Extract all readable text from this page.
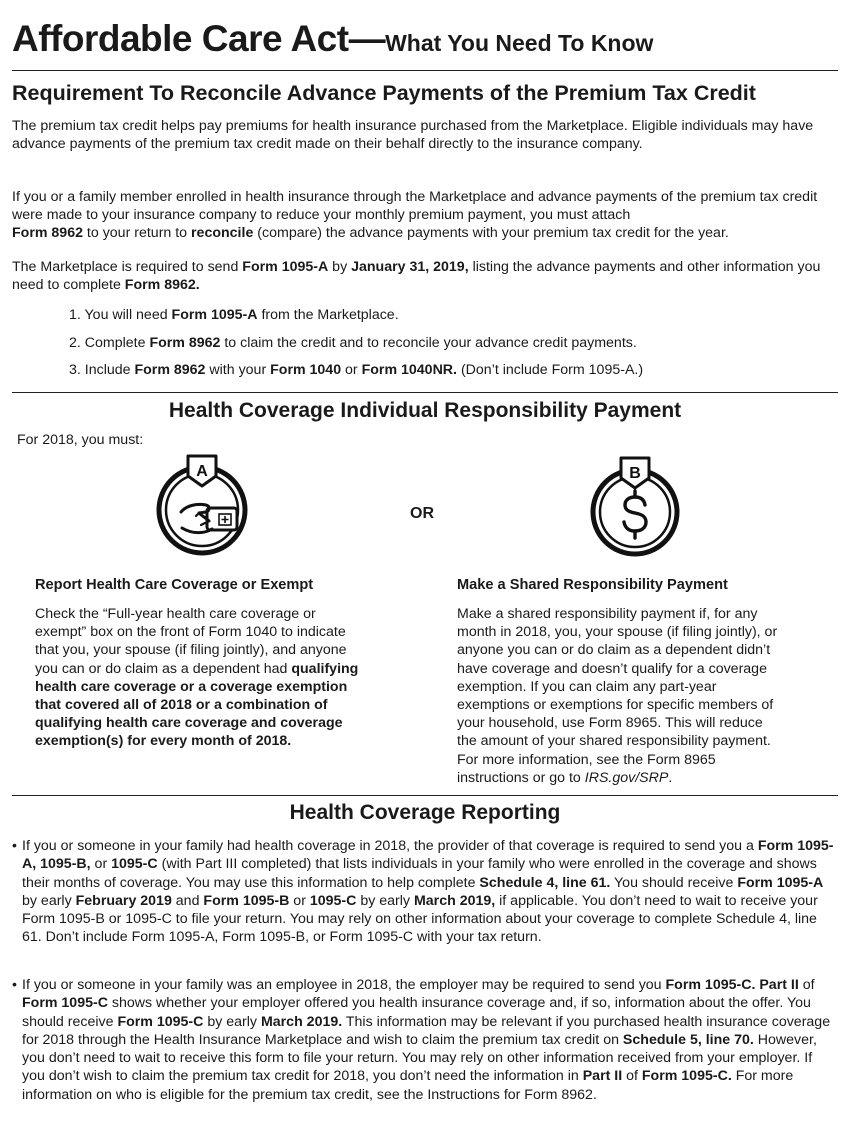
Affordable Care Act—What You Need To Know
Requirement To Reconcile Advance Payments of the Premium Tax Credit

The premium tax credit helps pay premiums for health insurance purchased from the Marketplace. Eligible individuals may have advance payments of the premium tax credit made on their behalf directly to the insurance company.

If you or a family member enrolled in health insurance through the Marketplace and advance payments of the premium tax credit were made to your insurance company to reduce your monthly premium payment, you must attach
Form 8962 to your return to reconcile (compare) the advance payments with your premium tax credit for the year.

The Marketplace is required to send Form 1095-A by January 31, 2019, listing the advance payments and other information you need to complete Form 8962.

1. You will need Form 1095-A from the Marketplace.
2. Complete Form 8962 to claim the credit and to reconcile your advance credit payments.
3. Include Form 8962 with your Form 1040 or Form 1040NR. (Don’t include Form 1095-A.)
Health Coverage Individual Responsibility Payment

For 2018, you must:

A
OR
B
Report Health Care Coverage or Exempt
Check the “Full-year health care coverage or
exempt” box on the front of Form 1040 to indicate
that you, your spouse (if filing jointly), and anyone
you can or do claim as a dependent had qualifying
health care coverage or a coverage exemption
that covered all of 2018 or a combination of
qualifying health care coverage and coverage
exemption(s) for every month of 2018.
Make a Shared Responsibility Payment
Make a shared responsibility payment if, for any
month in 2018, you, your spouse (if filing jointly), or
anyone you can or do claim as a dependent didn’t
have coverage and doesn’t qualify for a coverage
exemption. If you can claim any part-year
exemptions or exemptions for specific members of
your household, use Form 8965. This will reduce
the amount of your shared responsibility payment.
For more information, see the Form 8965
instructions or go to IRS.gov/SRP.
Health Coverage Reporting
• If you or someone in your family had health coverage in 2018, the provider of that coverage is required to send you a Form 1095-A, 1095-B, or 1095-C (with Part III completed) that lists individuals in your family who were enrolled in the coverage and shows their months of coverage. You may use this information to help complete Schedule 4, line 61. You should receive Form 1095-A by early February 2019 and Form 1095-B or 1095-C by early March 2019, if applicable. You don’t need to wait to receive your Form 1095-B or 1095-C to file your return. You may rely on other information about your coverage to complete Schedule 4, line 61. Don’t include Form 1095-A, Form 1095-B, or Form 1095-C with your tax return.
• If you or someone in your family was an employee in 2018, the employer may be required to send you Form 1095-C. Part II of Form 1095-C shows whether your employer offered you health insurance coverage and, if so, information about the offer. You should receive Form 1095-C by early March 2019. This information may be relevant if you purchased health insurance coverage for 2018 through the Health Insurance Marketplace and wish to claim the premium tax credit on Schedule 5, line 70. However, you don’t need to wait to receive this form to file your return. You may rely on other information received from your employer. If you don’t wish to claim the premium tax credit for 2018, you don’t need the information in Part II of Form 1095-C. For more information on who is eligible for the premium tax credit, see the Instructions for Form 8962.
